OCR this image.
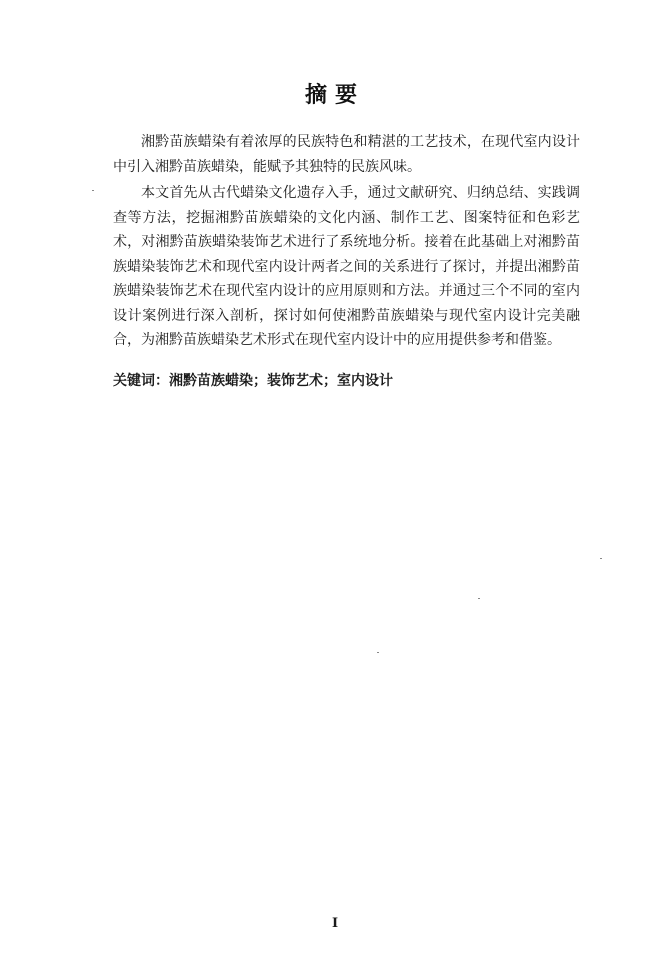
摘要

湘黔苗族蜡染有着浓厚的民族特色和精湛的工艺技术，在现代室内设计中引入湘黔苗族蜡染，能赋予其独特的民族风味。

本文首先从古代蜡染文化遗存入手，通过文献研究、归纳总结、实践调查等方法，挖掘湘黔苗族蜡染的文化内涵、制作工艺、图案特征和色彩艺术，对湘黔苗族蜡染装饰艺术进行了系统地分析。接着在此基础上对湘黔苗族蜡染装饰艺术和现代室内设计两者之间的关系进行了探讨，并提出湘黔苗族蜡染装饰艺术在现代室内设计的应用原则和方法。并通过三个不同的室内设计案例进行深入剖析，探讨如何使湘黔苗族蜡染与现代室内设计完美融合，为湘黔苗族蜡染艺术形式在现代室内设计中的应用提供参考和借鉴。

关键词：湘黔苗族蜡染；装饰艺术；室内设计

I
